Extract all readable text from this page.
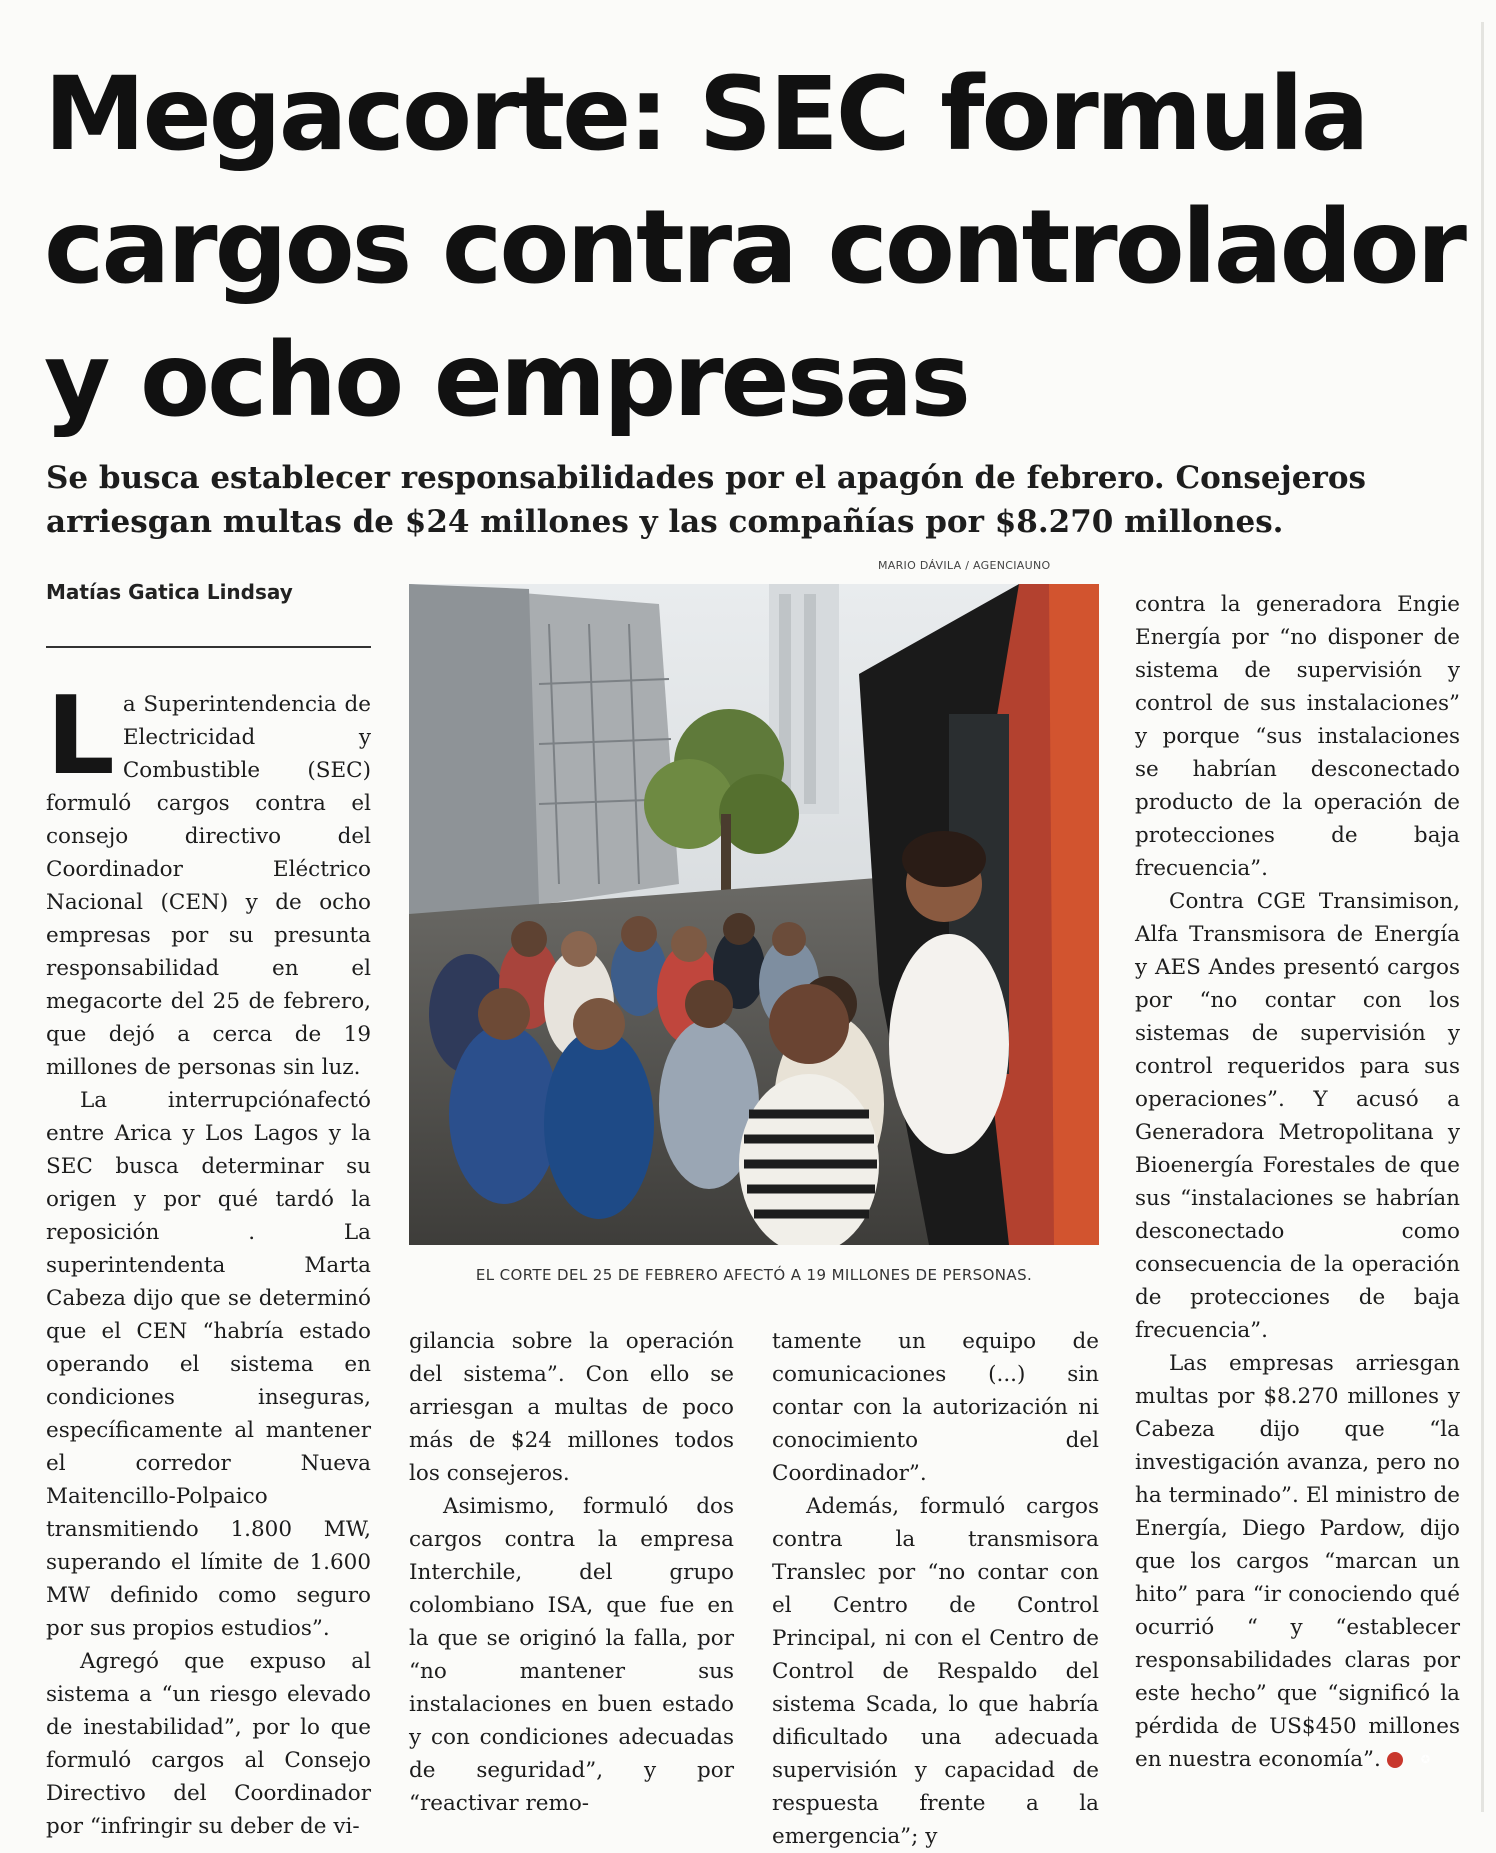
Megacorte: SEC formula cargos contra controlador y ocho empresas

Se busca establecer responsabilidades por el apagón de febrero. Consejeros arriesgan multas de $24 millones y las compañías por $8.270 millones.

Matías Gatica Lindsay
MARIO DÁVILA / AGENCIAUNO
EL CORTE DEL 25 DE FEBRERO AFECTÓ A 19 MILLONES DE PERSONAS.

La Superintendencia de Electricidad y Combustible (SEC) formuló cargos contra el consejo directivo del Coordinador Eléctrico Nacional (CEN) y de ocho empresas por su presunta responsabilidad en el megacorte del 25 de febrero, que dejó a cerca de 19 millones de personas sin luz.

La interrupciónafectó entre Arica y Los Lagos y la SEC busca determinar su origen y por qué tardó la reposición . La superintendenta Marta Cabeza dijo que se determinó que el CEN “habría estado operando el sistema en condiciones inseguras, específicamente al mantener el corredor Nueva Maitencillo-Polpaico transmitiendo 1.800 MW, superando el límite de 1.600 MW definido como seguro por sus propios estudios”.

Agregó que expuso al sistema a “un riesgo elevado de inestabilidad”, por lo que formuló cargos al Consejo Directivo del Coordinador por “infringir su deber de vi-

gilancia sobre la operación del sistema”. Con ello se arriesgan a multas de poco más de $24 millones todos los consejeros.

Asimismo, formuló dos cargos contra la empresa Interchile, del grupo colombiano ISA, que fue en la que se originó la falla, por “no mantener sus instalaciones en buen estado y con condiciones adecuadas de seguridad”, y por “reactivar remo-

tamente un equipo de comunicaciones (...) sin contar con la autorización ni conocimiento del Coordinador”.

Además, formuló cargos contra la transmisora Translec por “no contar con el Centro de Control Principal, ni con el Centro de Control de Respaldo del sistema Scada, lo que habría dificultado una adecuada supervisión y capacidad de respuesta frente a la emergencia”; y

contra la generadora Engie Energía por “no disponer de sistema de supervisión y control de sus instalaciones” y porque “sus instalaciones se habrían desconectado producto de la operación de protecciones de baja frecuencia”.

Contra CGE Transimison, Alfa Transmisora de Energía y AES Andes presentó cargos por “no contar con los sistemas de supervisión y control requeridos para sus operaciones”. Y acusó a Generadora Metropolitana y Bioenergía Forestales de que sus “instalaciones se habrían desconectado como consecuencia de la operación de protecciones de baja frecuencia”.

Las empresas arriesgan multas por $8.270 millones y Cabeza dijo que “la investigación avanza, pero no ha terminado”. El ministro de Energía, Diego Pardow, dijo que los cargos “marcan un hito” para “ir conociendo qué ocurrió “ y “establecer responsabilidades claras por este hecho” que “significó la pérdida de US$450 millones en nuestra economía”.	✪
